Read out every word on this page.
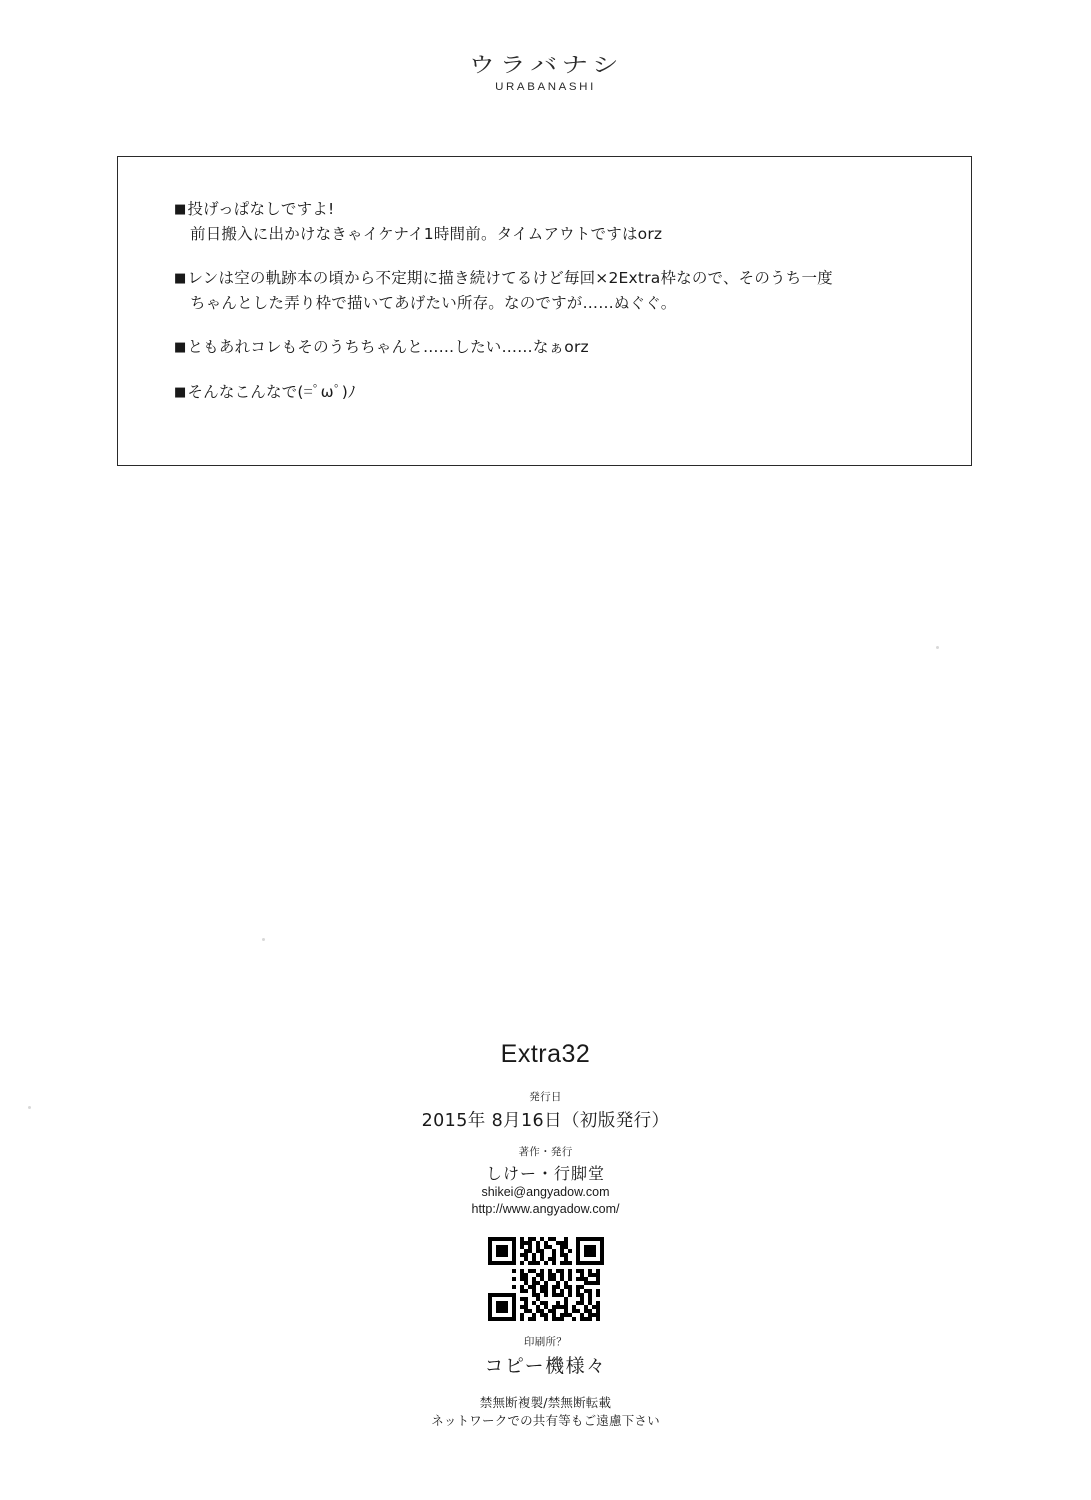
ウラバナシ
URABANASHI
■投げっぱなしですよ!
前日搬入に出かけなきゃイケナイ1時間前。タイムアウトですはorz
■レンは空の軌跡本の頃から不定期に描き続けてるけど毎回×2Extra枠なので、そのうち一度
ちゃんとした弄り枠で描いてあげたい所存。なのですが……ぬぐぐ。
■ともあれコレもそのうちちゃんと……したい……なぁorz
■そんなこんなで(=ﾟωﾟ)ﾉ
Extra32
発行日
2015年 8月16日（初版発行）
著作・発行
しけー・行脚堂
shikei@angyadow.com
http://www.angyadow.com/
印刷所？
コピー機様々
禁無断複製/禁無断転載
ネットワークでの共有等もご遠慮下さい
